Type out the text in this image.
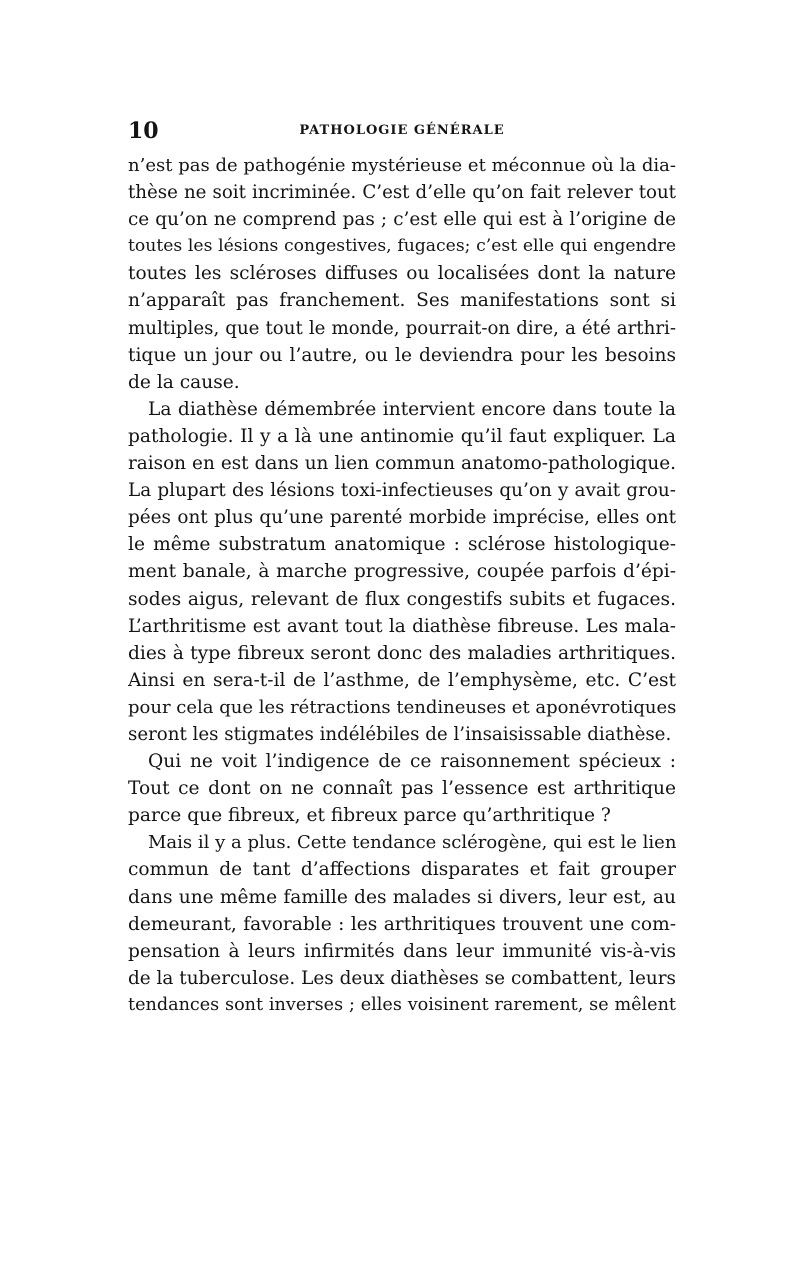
10	PATHOLOGIE GÉNÉRALE
n’est pas de pathogénie mystérieuse et méconnue où la dia-
thèse ne soit incriminée. C’est d’elle qu’on fait relever tout
ce qu’on ne comprend pas ; c’est elle qui est à l’origine de
toutes les lésions congestives, fugaces; c’est elle qui engendre
toutes les scléroses diffuses ou localisées dont la nature
n’apparaît pas franchement. Ses manifestations sont si
multiples, que tout le monde, pourrait-on dire, a été arthri-
tique un jour ou l’autre, ou le deviendra pour les besoins
de la cause.
La diathèse démembrée intervient encore dans toute la
pathologie. Il y a là une antinomie qu’il faut expliquer. La
raison en est dans un lien commun anatomo-pathologique.
La plupart des lésions toxi-infectieuses qu’on y avait grou-
pées ont plus qu’une parenté morbide imprécise, elles ont
le même substratum anatomique : sclérose histologique-
ment banale, à marche progressive, coupée parfois d’épi-
sodes aigus, relevant de flux congestifs subits et fugaces.
L’arthritisme est avant tout la diathèse fibreuse. Les mala-
dies à type fibreux seront donc des maladies arthritiques.
Ainsi en sera-t-il de l’asthme, de l’emphysème, etc. C’est
pour cela que les rétractions tendineuses et aponévrotiques
seront les stigmates indélébiles de l’insaisissable diathèse.
Qui ne voit l’indigence de ce raisonnement spécieux :
Tout ce dont on ne connaît pas l’essence est arthritique
parce que fibreux, et fibreux parce qu’arthritique ?
Mais il y a plus. Cette tendance sclérogène, qui est le lien
commun de tant d’affections disparates et fait grouper
dans une même famille des malades si divers, leur est, au
demeurant, favorable : les arthritiques trouvent une com-
pensation à leurs infirmités dans leur immunité vis-à-vis
de la tuberculose. Les deux diathèses se combattent, leurs
tendances sont inverses ; elles voisinent rarement, se mêlent
